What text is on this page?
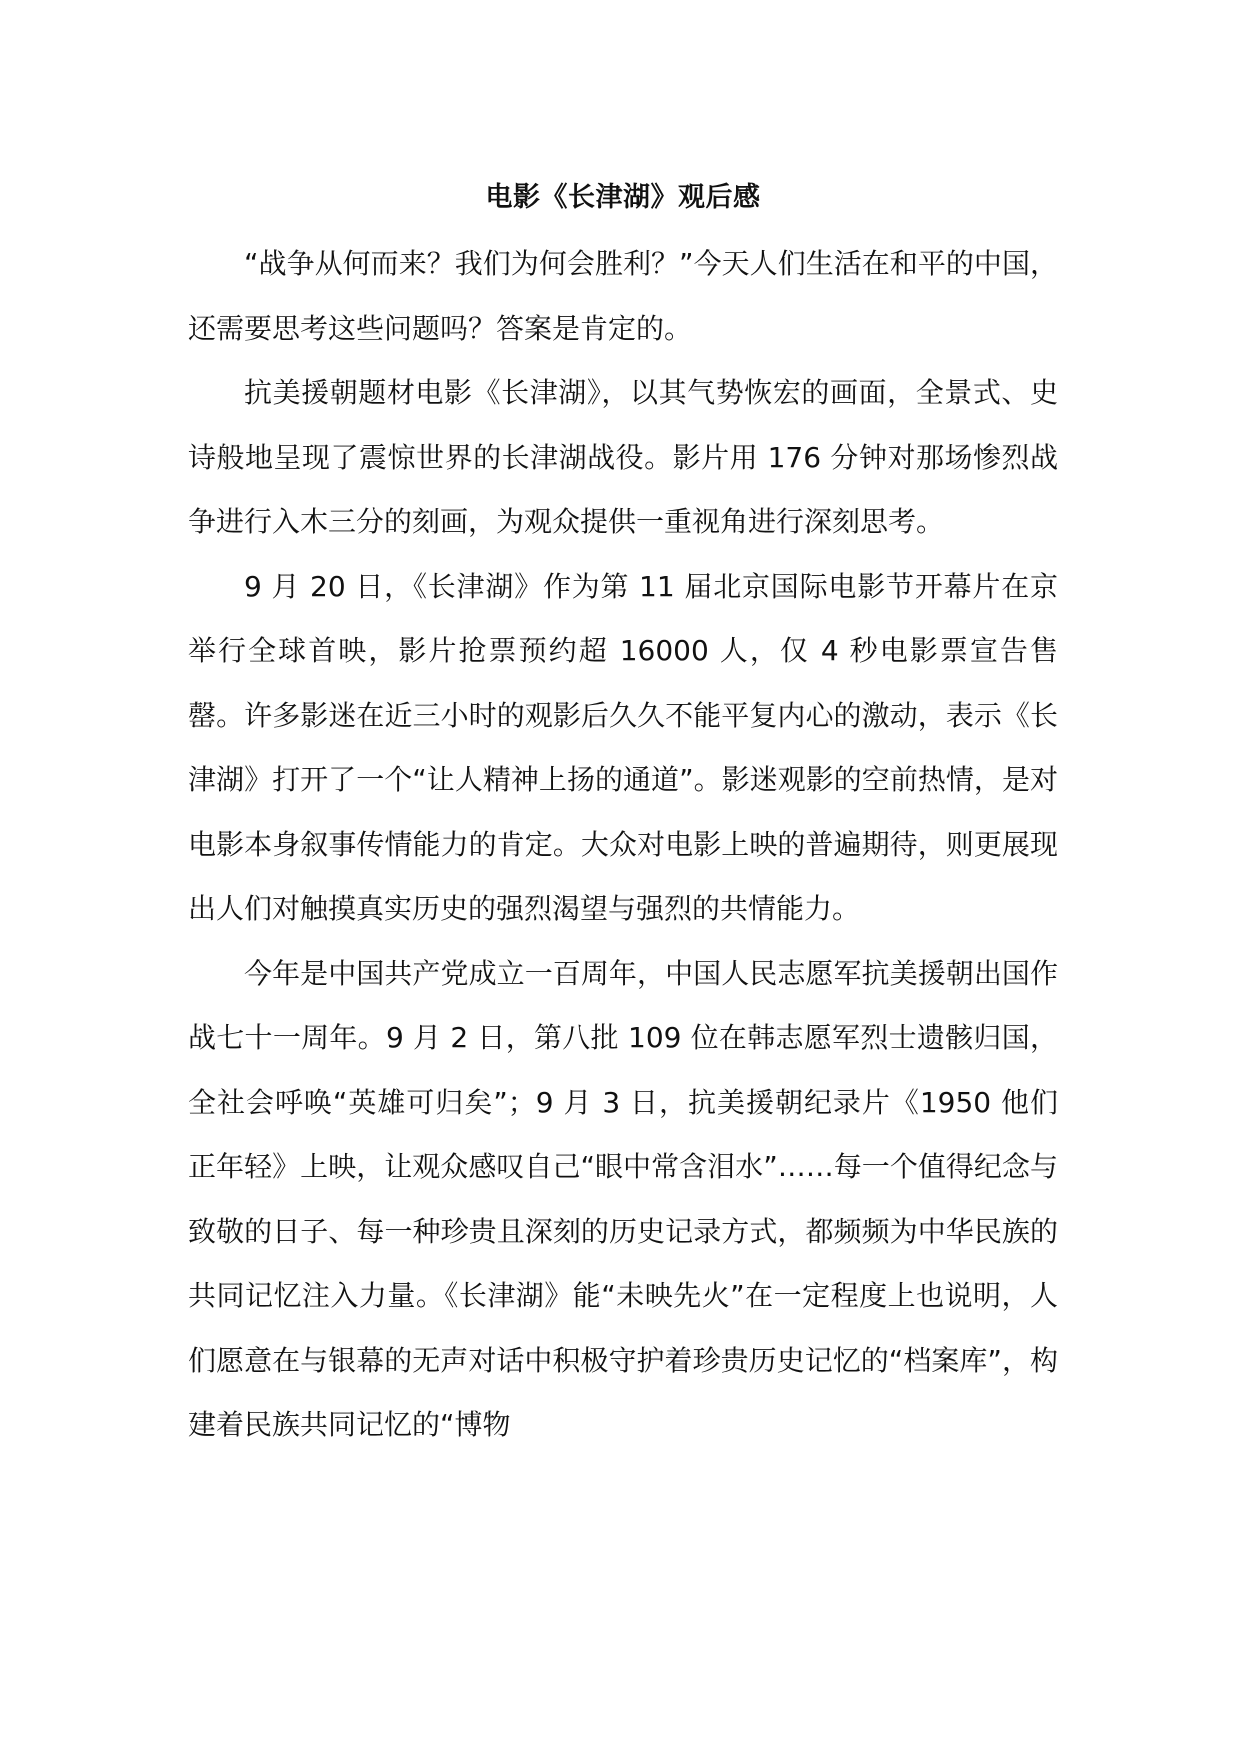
电影《长津湖》观后感

“战争从何而来？我们为何会胜利？”今天人们生活在和平的中国，还需要思考这些问题吗？答案是肯定的。

抗美援朝题材电影《长津湖》，以其气势恢宏的画面，全景式、史诗般地呈现了震惊世界的长津湖战役。影片用 176 分钟对那场惨烈战争进行入木三分的刻画，为观众提供一重视角进行深刻思考。

9 月 20 日，《长津湖》作为第 11 届北京国际电影节开幕片在京举行全球首映，影片抢票预约超 16000 人，仅 4 秒电影票宣告售罄。许多影迷在近三小时的观影后久久不能平复内心的激动，表示《长津湖》打开了一个“让人精神上扬的通道”。影迷观影的空前热情，是对电影本身叙事传情能力的肯定。大众对电影上映的普遍期待，则更展现出人们对触摸真实历史的强烈渴望与强烈的共情能力。

今年是中国共产党成立一百周年，中国人民志愿军抗美援朝出国作战七十一周年。9 月 2 日，第八批 109 位在韩志愿军烈士遗骸归国，全社会呼唤“英雄可归矣”；9 月 3 日，抗美援朝纪录片《1950 他们正年轻》上映，让观众感叹自己“眼中常含泪水”……每一个值得纪念与致敬的日子、每一种珍贵且深刻的历史记录方式，都频频为中华民族的共同记忆注入力量。《长津湖》能“未映先火”在一定程度上也说明，人们愿意在与银幕的无声对话中积极守护着珍贵历史记忆的“档案库”，构建着民族共同记忆的“博物
